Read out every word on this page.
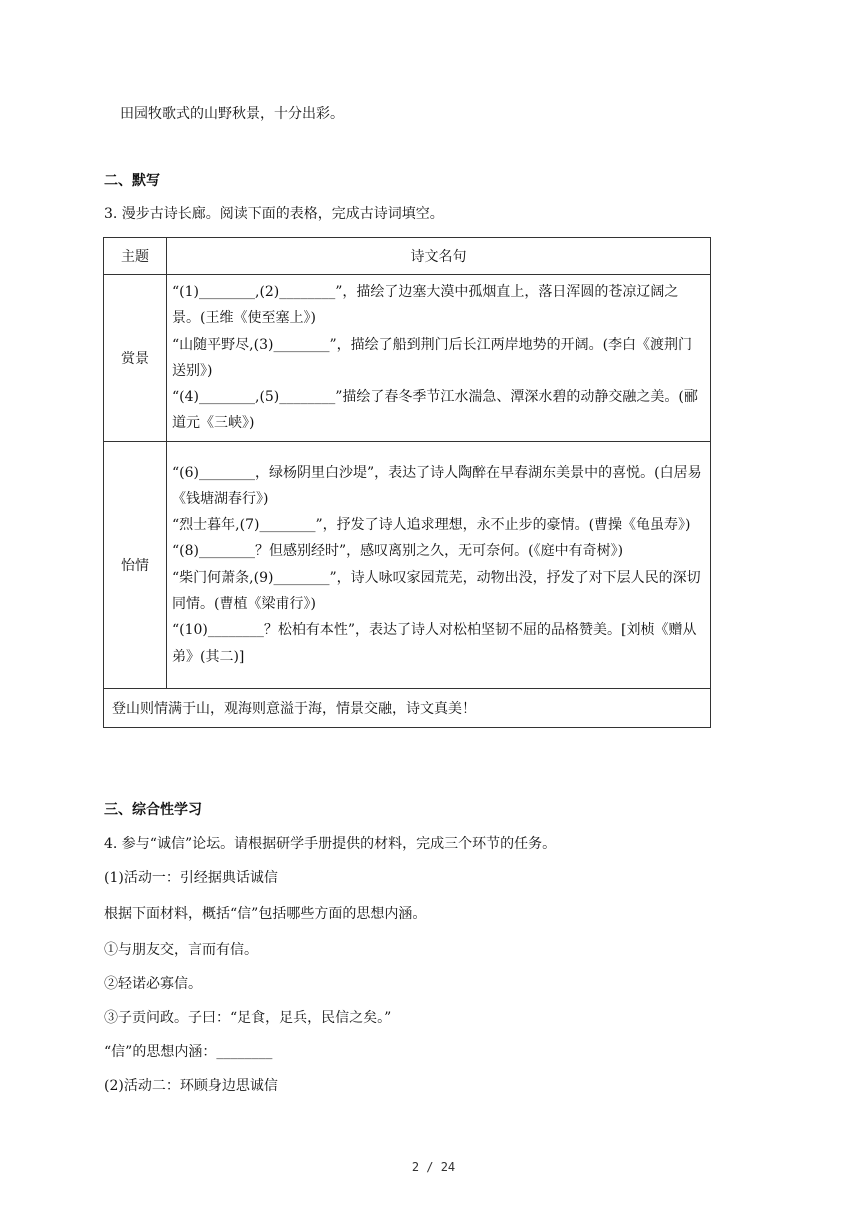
田园牧歌式的山野秋景，十分出彩。
二、默写
3. 漫步古诗长廊。阅读下面的表格，完成古诗词填空。
主题	诗文名句
赏景	“(1)________,(2)________”，描绘了边塞大漠中孤烟直上，落日浑圆的苍凉辽阔之景。(王维《使至塞上》)
“山随平野尽,(3)________”，描绘了船到荆门后长江两岸地势的开阔。(李白《渡荆门送别》)
“(4)________,(5)________”描绘了春冬季节江水湍急、潭深水碧的动静交融之美。(郦道元《三峡》)

怡情	“(6)________，绿杨阴里白沙堤”，表达了诗人陶醉在早春湖东美景中的喜悦。(白居易《钱塘湖春行》)
“烈士暮年,(7)________”，抒发了诗人追求理想，永不止步的豪情。(曹操《龟虽寿》)
“(8)________？但感别经时”，感叹离别之久，无可奈何。(《庭中有奇树》)
“柴门何萧条,(9)________”，诗人咏叹家园荒芜，动物出没，抒发了对下层人民的深切同情。(曹植《梁甫行》)
“(10)________？松柏有本性”，表达了诗人对松柏坚韧不屈的品格赞美。[刘桢《赠从弟》(其二)]

登山则情满于山，观海则意溢于海，情景交融，诗文真美！	
三、综合性学习
4. 参与“诚信”论坛。请根据研学手册提供的材料，完成三个环节的任务。
(1)活动一：引经据典话诚信
根据下面材料，概括“信”包括哪些方面的思想内涵。
①与朋友交，言而有信。
②轻诺必寡信。
③子贡问政。子曰：“足食，足兵，民信之矣。”
“信”的思想内涵：________
(2)活动二：环顾身边思诚信
2 / 24
